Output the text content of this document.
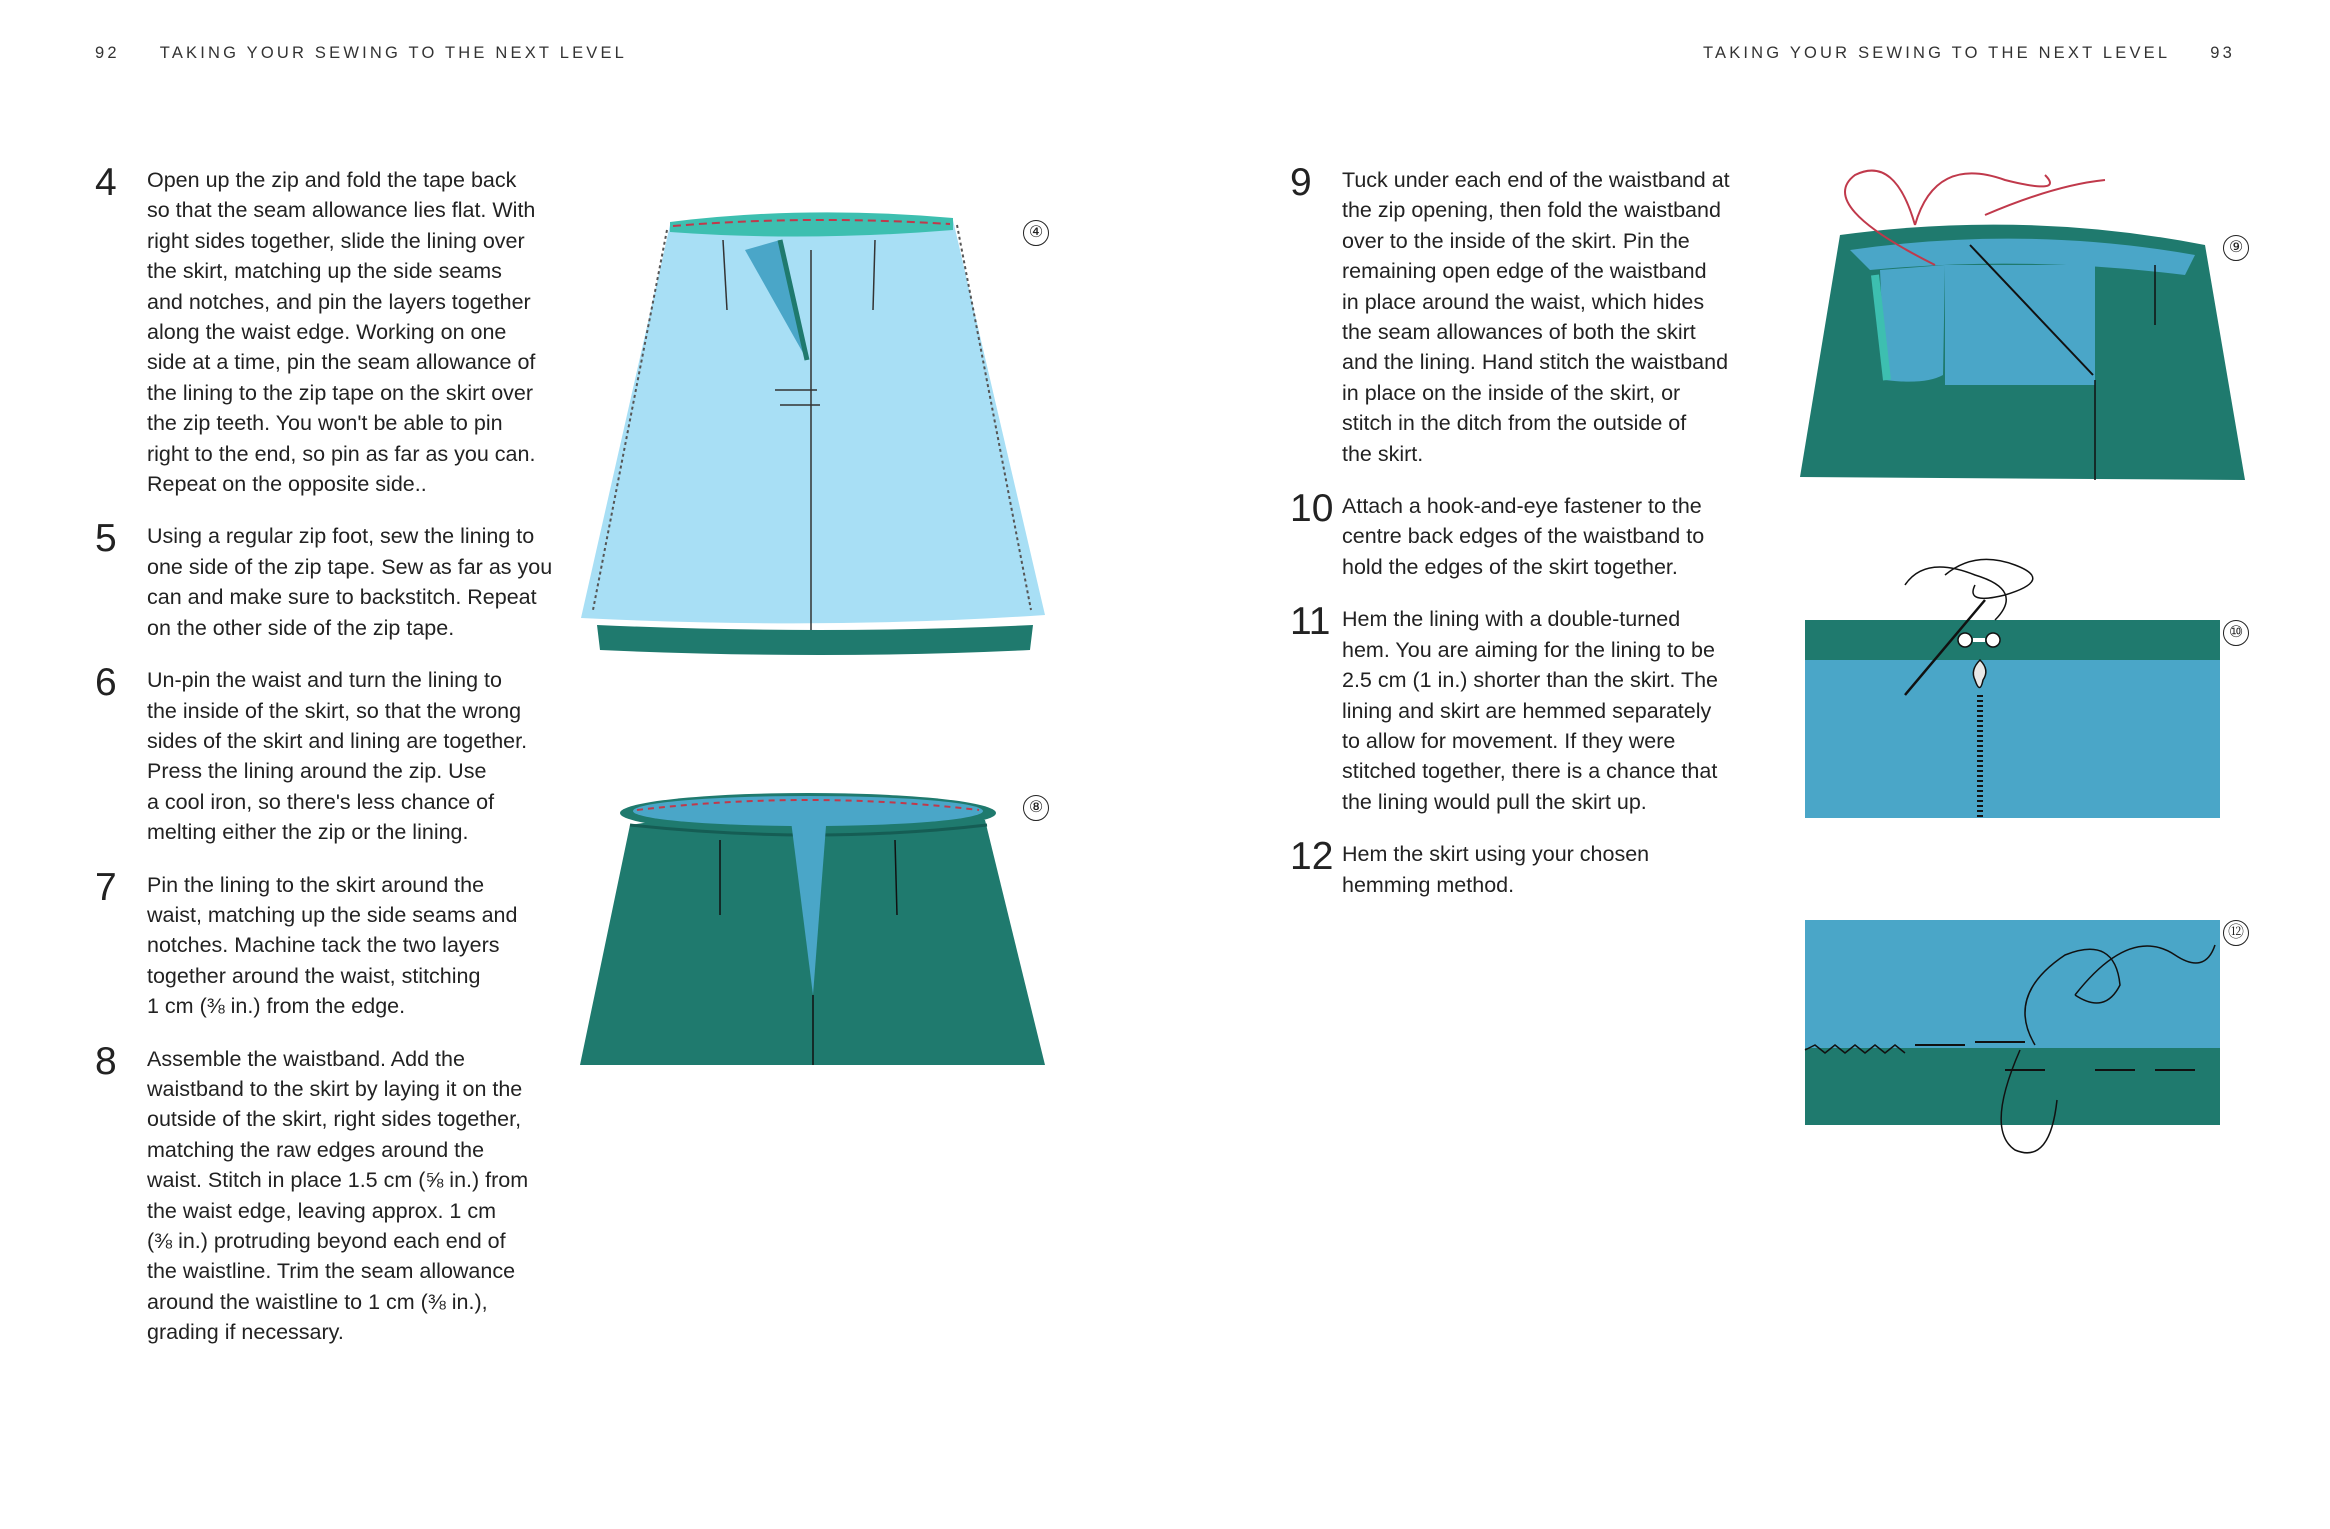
92 TAKING YOUR SEWING TO THE NEXT LEVEL
4 Open up the zip and fold the tape back
so that the seam allowance lies flat. With
right sides together, slide the lining over
the skirt, matching up the side seams
and notches, and pin the layers together
along the waist edge. Working on one
side at a time, pin the seam allowance of
the lining to the zip tape on the skirt over
the zip teeth. You won't be able to pin
right to the end, so pin as far as you can.
Repeat on the opposite side..
5 Using a regular zip foot, sew the lining to
one side of the zip tape. Sew as far as you
can and make sure to backstitch. Repeat
on the other side of the zip tape.
6 Un-pin the waist and turn the lining to
the inside of the skirt, so that the wrong
sides of the skirt and lining are together.
Press the lining around the zip. Use
a cool iron, so there's less chance of
melting either the zip or the lining.
7 Pin the lining to the skirt around the
waist, matching up the side seams and
notches. Machine tack the two layers
together around the waist, stitching
1 cm (⅜ in.) from the edge.
8 Assemble the waistband. Add the
waistband to the skirt by laying it on the
outside of the skirt, right sides together,
matching the raw edges around the
waist. Stitch in place 1.5 cm (⅝ in.) from
the waist edge, leaving approx. 1 cm
(⅜ in.) protruding beyond each end of
the waistline. Trim the seam allowance
around the waistline to 1 cm (⅜ in.),
grading if necessary.
④
⑧
TAKING YOUR SEWING TO THE NEXT LEVEL 93
9 Tuck under each end of the waistband at
the zip opening, then fold the waistband
over to the inside of the skirt. Pin the
remaining open edge of the waistband
in place around the waist, which hides
the seam allowances of both the skirt
and the lining. Hand stitch the waistband
in place on the inside of the skirt, or
stitch in the ditch from the outside of
the skirt.
10 Attach a hook-and-eye fastener to the
centre back edges of the waistband to
hold the edges of the skirt together.
11 Hem the lining with a double-turned
hem. You are aiming for the lining to be
2.5 cm (1 in.) shorter than the skirt. The
lining and skirt are hemmed separately
to allow for movement. If they were
stitched together, there is a chance that
the lining would pull the skirt up.
12 Hem the skirt using your chosen
hemming method.
⑨
⑩
⑫
